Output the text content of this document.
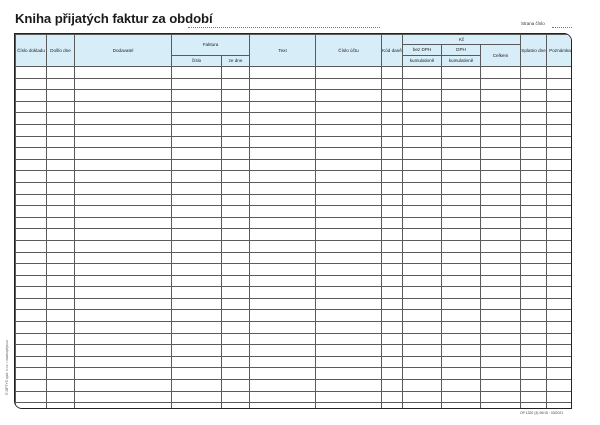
Kniha přijatých faktur za období	Strana číslo
Číslo dokladu	Došlo dne	Dodavatel	Faktura		Text	Číslo účtu	Kód daně	Kč			Splatno dne	Poznámka
								bez DPH	DPH	Celkem		
			číslo	ze dne				kumulativně	kumulativně			

© OPTYS spol. s r.o. ▪ www.optys.cz
OP 1320 (3) 06/15 · 03/2021
